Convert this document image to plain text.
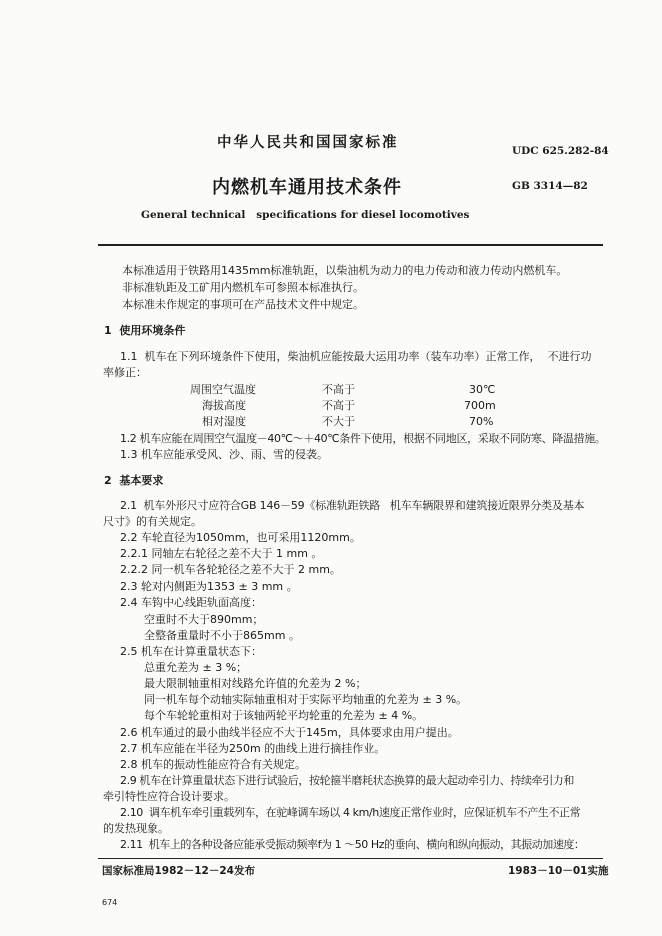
中华人民共和国国家标准	UDC 625.282-84
内燃机车通用技术条件	GB 3314—82
General technical   specifications for diesel locomotives
本标准适用于铁路用1435mm标准轨距，以柴油机为动力的电力传动和液力传动内燃机车。
非标准轨距及工矿用内燃机车可参照本标准执行。
本标准未作规定的事项可在产品技术文件中规定。
1  使用环境条件
1.1  机车在下列环境条件下使用，柴油机应能按最大运用功率（装车功率）正常工作，  不进行功
率修正：
周围空气温度	不高于	30℃
海拔高度	不高于	700m
相对湿度	不大于	70%
1.2 机车应能在周围空气温度－40℃～＋40℃条件下使用，根据不同地区，采取不同防寒、降温措施。
1.3 机车应能承受风、沙、雨、雪的侵袭。
2  基本要求
2.1  机车外形尺寸应符合GB 146－59《标准轨距铁路   机车车辆限界和建筑接近限界分类及基本
尺寸》的有关规定。
2.2 车轮直径为1050mm，也可采用1120mm。
2.2.1 同轴左右轮径之差不大于 1 mm 。
2.2.2 同一机车各轮轮径之差不大于 2 mm。
2.3 轮对内侧距为1353 ± 3 mm 。
2.4 车钩中心线距轨面高度：
空重时不大于890mm；
全整备重量时不小于865mm 。
2.5 机车在计算重量状态下：
总重允差为 ± 3 %；
最大限制轴重相对线路允许值的允差为 2 %；
同一机车每个动轴实际轴重相对于实际平均轴重的允差为 ± 3 %。
每个车轮轮重相对于该轴两轮平均轮重的允差为 ± 4 %。
2.6 机车通过的最小曲线半径应不大于145m，具体要求由用户提出。
2.7 机车应能在半径为250m 的曲线上进行摘挂作业。
2.8 机车的振动性能应符合有关规定。
2.9 机车在计算重量状态下进行试验后，按轮箍半磨耗状态换算的最大起动牵引力、持续牵引力和
牵引特性应符合设计要求。
2.10  调车机车牵引重载列车，在驼峰调车场以 4 km/h速度正常作业时，应保证机车不产生不正常
的发热现象。
2.11  机车上的各种设备应能承受振动频率f为 1 ～50 Hz的垂向、横向和纵向振动，其振动加速度：
国家标准局1982－12－24发布	1983－10－01实施
674
